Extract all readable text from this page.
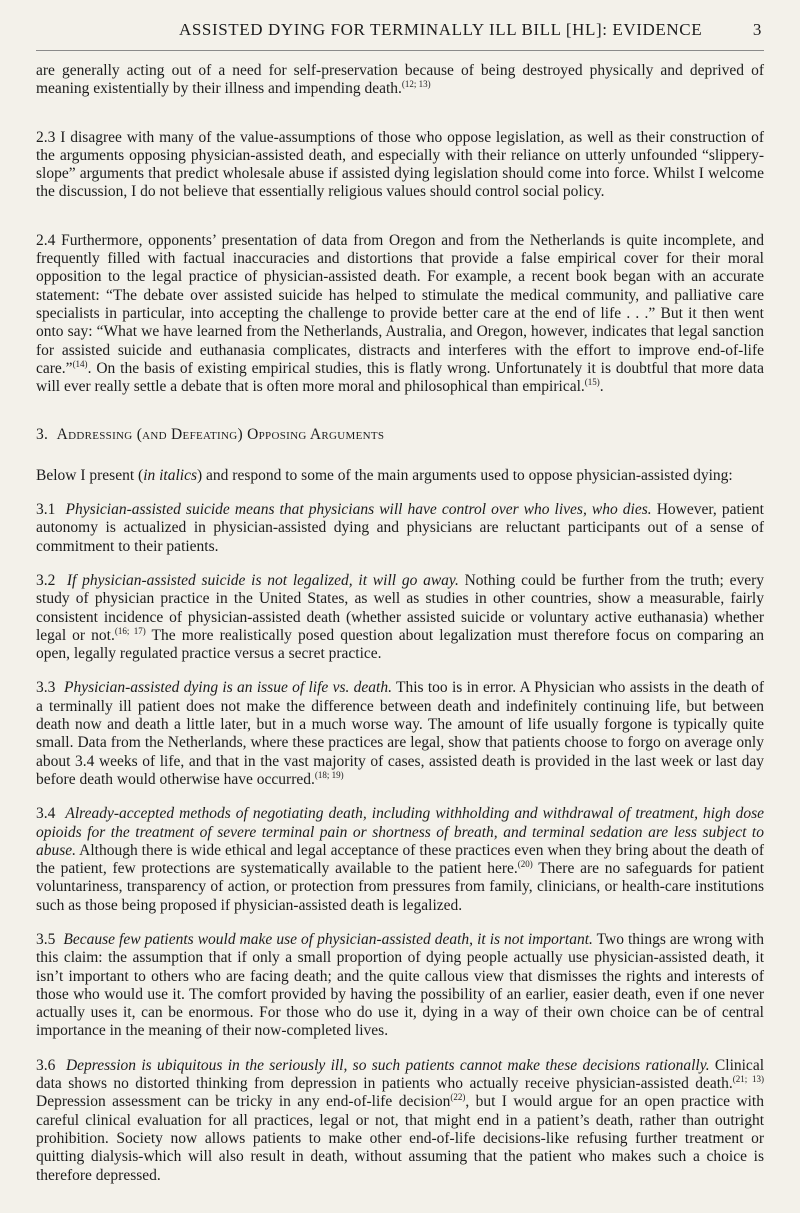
ASSISTED DYING FOR TERMINALLY ILL BILL [HL]: EVIDENCE	3

are generally acting out of a need for self-preservation because of being destroyed physically and deprived of meaning existentially by their illness and impending death.$^{(12; 13)}$

2.3 I disagree with many of the value-assumptions of those who oppose legislation, as well as their construction of the arguments opposing physician-assisted death, and especially with their reliance on utterly unfounded “slippery-slope” arguments that predict wholesale abuse if assisted dying legislation should come into force. Whilst I welcome the discussion, I do not believe that essentially religious values should control social policy.

2.4 Furthermore, opponents’ presentation of data from Oregon and from the Netherlands is quite incomplete, and frequently filled with factual inaccuracies and distortions that provide a false empirical cover for their moral opposition to the legal practice of physician-assisted death. For example, a recent book began with an accurate statement: “The debate over assisted suicide has helped to stimulate the medical community, and palliative care specialists in particular, into accepting the challenge to provide better care at the end of life . . .” But it then went onto say: “What we have learned from the Netherlands, Australia, and Oregon, however, indicates that legal sanction for assisted suicide and euthanasia complicates, distracts and interferes with the effort to improve end-of-life care.”$^{(14)}$. On the basis of existing empirical studies, this is flatly wrong. Unfortunately it is doubtful that more data will ever really settle a debate that is often more moral and philosophical than empirical.$^{(15)}$.

3. Addressing (and Defeating) Opposing Arguments

Below I present (in italics) and respond to some of the main arguments used to oppose physician-assisted dying:

3.1 Physician-assisted suicide means that physicians will have control over who lives, who dies. However, patient autonomy is actualized in physician-assisted dying and physicians are reluctant participants out of a sense of commitment to their patients.

3.2 If physician-assisted suicide is not legalized, it will go away. Nothing could be further from the truth; every study of physician practice in the United States, as well as studies in other countries, show a measurable, fairly consistent incidence of physician-assisted death (whether assisted suicide or voluntary active euthanasia) whether legal or not.$^{(16; 17)}$ The more realistically posed question about legalization must therefore focus on comparing an open, legally regulated practice versus a secret practice.

3.3 Physician-assisted dying is an issue of life vs. death. This too is in error. A Physician who assists in the death of a terminally ill patient does not make the difference between death and indefinitely continuing life, but between death now and death a little later, but in a much worse way. The amount of life usually forgone is typically quite small. Data from the Netherlands, where these practices are legal, show that patients choose to forgo on average only about 3.4 weeks of life, and that in the vast majority of cases, assisted death is provided in the last week or last day before death would otherwise have occurred.$^{(18; 19)}$

3.4 Already-accepted methods of negotiating death, including withholding and withdrawal of treatment, high dose opioids for the treatment of severe terminal pain or shortness of breath, and terminal sedation are less subject to abuse. Although there is wide ethical and legal acceptance of these practices even when they bring about the death of the patient, few protections are systematically available to the patient here.$^{(20)}$ There are no safeguards for patient voluntariness, transparency of action, or protection from pressures from family, clinicians, or health-care institutions such as those being proposed if physician-assisted death is legalized.

3.5 Because few patients would make use of physician-assisted death, it is not important. Two things are wrong with this claim: the assumption that if only a small proportion of dying people actually use physician-assisted death, it isn’t important to others who are facing death; and the quite callous view that dismisses the rights and interests of those who would use it. The comfort provided by having the possibility of an earlier, easier death, even if one never actually uses it, can be enormous. For those who do use it, dying in a way of their own choice can be of central importance in the meaning of their now-completed lives.

3.6 Depression is ubiquitous in the seriously ill, so such patients cannot make these decisions rationally. Clinical data shows no distorted thinking from depression in patients who actually receive physician-assisted death.$^{(21; 13)}$ Depression assessment can be tricky in any end-of-life decision$^{(22)}$, but I would argue for an open practice with careful clinical evaluation for all practices, legal or not, that might end in a patient’s death, rather than outright prohibition. Society now allows patients to make other end-of-life decisions-like refusing further treatment or quitting dialysis-which will also result in death, without assuming that the patient who makes such a choice is therefore depressed.
